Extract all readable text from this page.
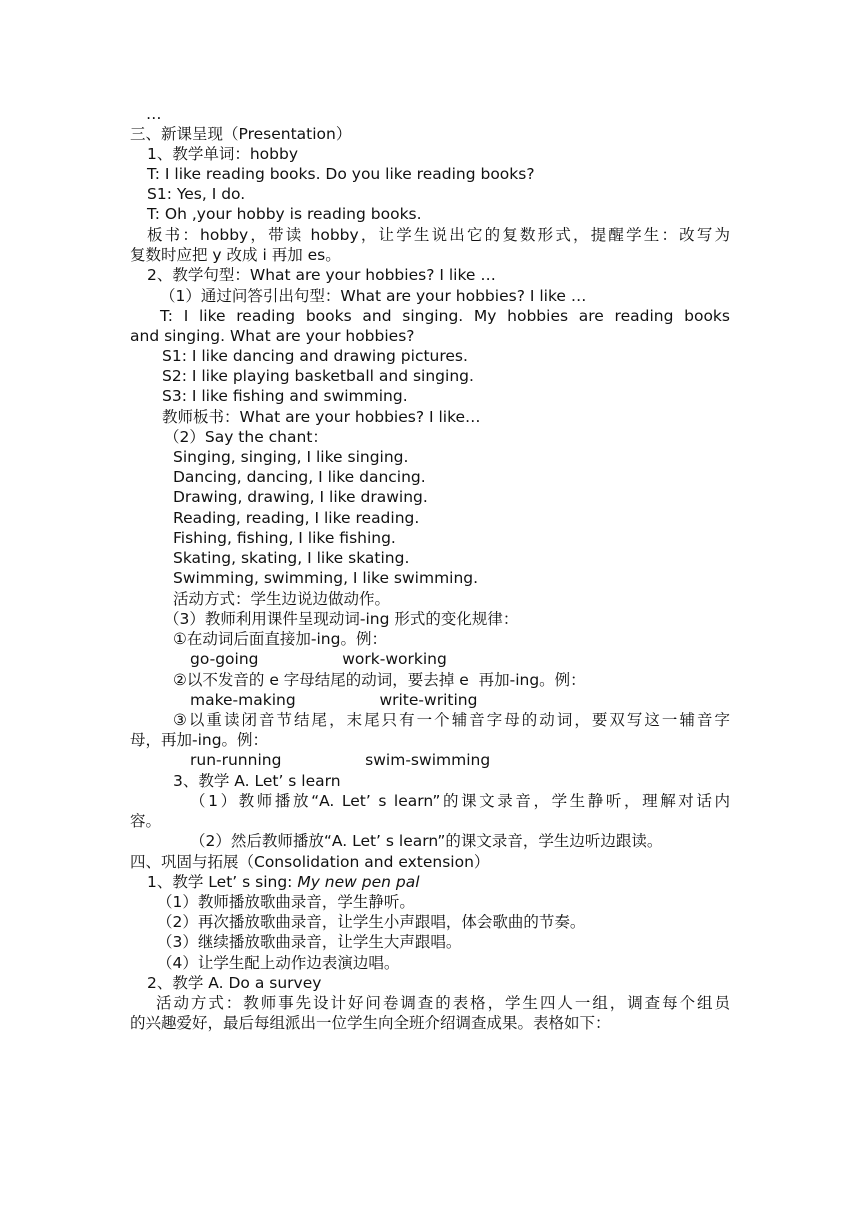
…
三、新课呈现（Presentation）
1、教学单词：hobby
T: I like reading books. Do you like reading books?
S1: Yes, I do.
T: Oh ,your hobby is reading books.
板书：hobby，带读 hobby，让学生说出它的复数形式，提醒学生：改写为
复数时应把 y 改成 i 再加 es。
2、教学句型：What are your hobbies? I like …
（1）通过问答引出句型：What are your hobbies? I like …
T: I like reading books and singing. My hobbies are reading books
and singing. What are your hobbies?
S1: I like dancing and drawing pictures.
S2: I like playing basketball and singing.
S3: I like fishing and swimming.
教师板书：What are your hobbies? I like…
（2）Say the chant：
Singing, singing, I like singing.
Dancing, dancing, I like dancing.
Drawing, drawing, I like drawing.
Reading, reading, I like reading.
Fishing, fishing, I like fishing.
Skating, skating, I like skating.
Swimming, swimming, I like swimming.
活动方式：学生边说边做动作。
（3）教师利用课件呈现动词-ing 形式的变化规律：
①在动词后面直接加-ing。例：
go-going                 work-working
②以不发音的 e 字母结尾的动词，要去掉 e  再加-ing。例：
make-making                 write-writing
③以重读闭音节结尾，末尾只有一个辅音字母的动词，要双写这一辅音字
母，再加-ing。例：
run-running                 swim-swimming
3、教学 A. Let’ s learn
（1）教师播放“A. Let’ s learn”的课文录音，学生静听，理解对话内
容。
（2）然后教师播放“A. Let’ s learn”的课文录音，学生边听边跟读。
四、巩固与拓展（Consolidation and extension）
1、教学 Let’ s sing: My new pen pal
（1）教师播放歌曲录音，学生静听。
（2）再次播放歌曲录音，让学生小声跟唱，体会歌曲的节奏。
（3）继续播放歌曲录音，让学生大声跟唱。
（4）让学生配上动作边表演边唱。
2、教学 A. Do a survey
活动方式：教师事先设计好问卷调查的表格，学生四人一组，调查每个组员
的兴趣爱好，最后每组派出一位学生向全班介绍调查成果。表格如下：
